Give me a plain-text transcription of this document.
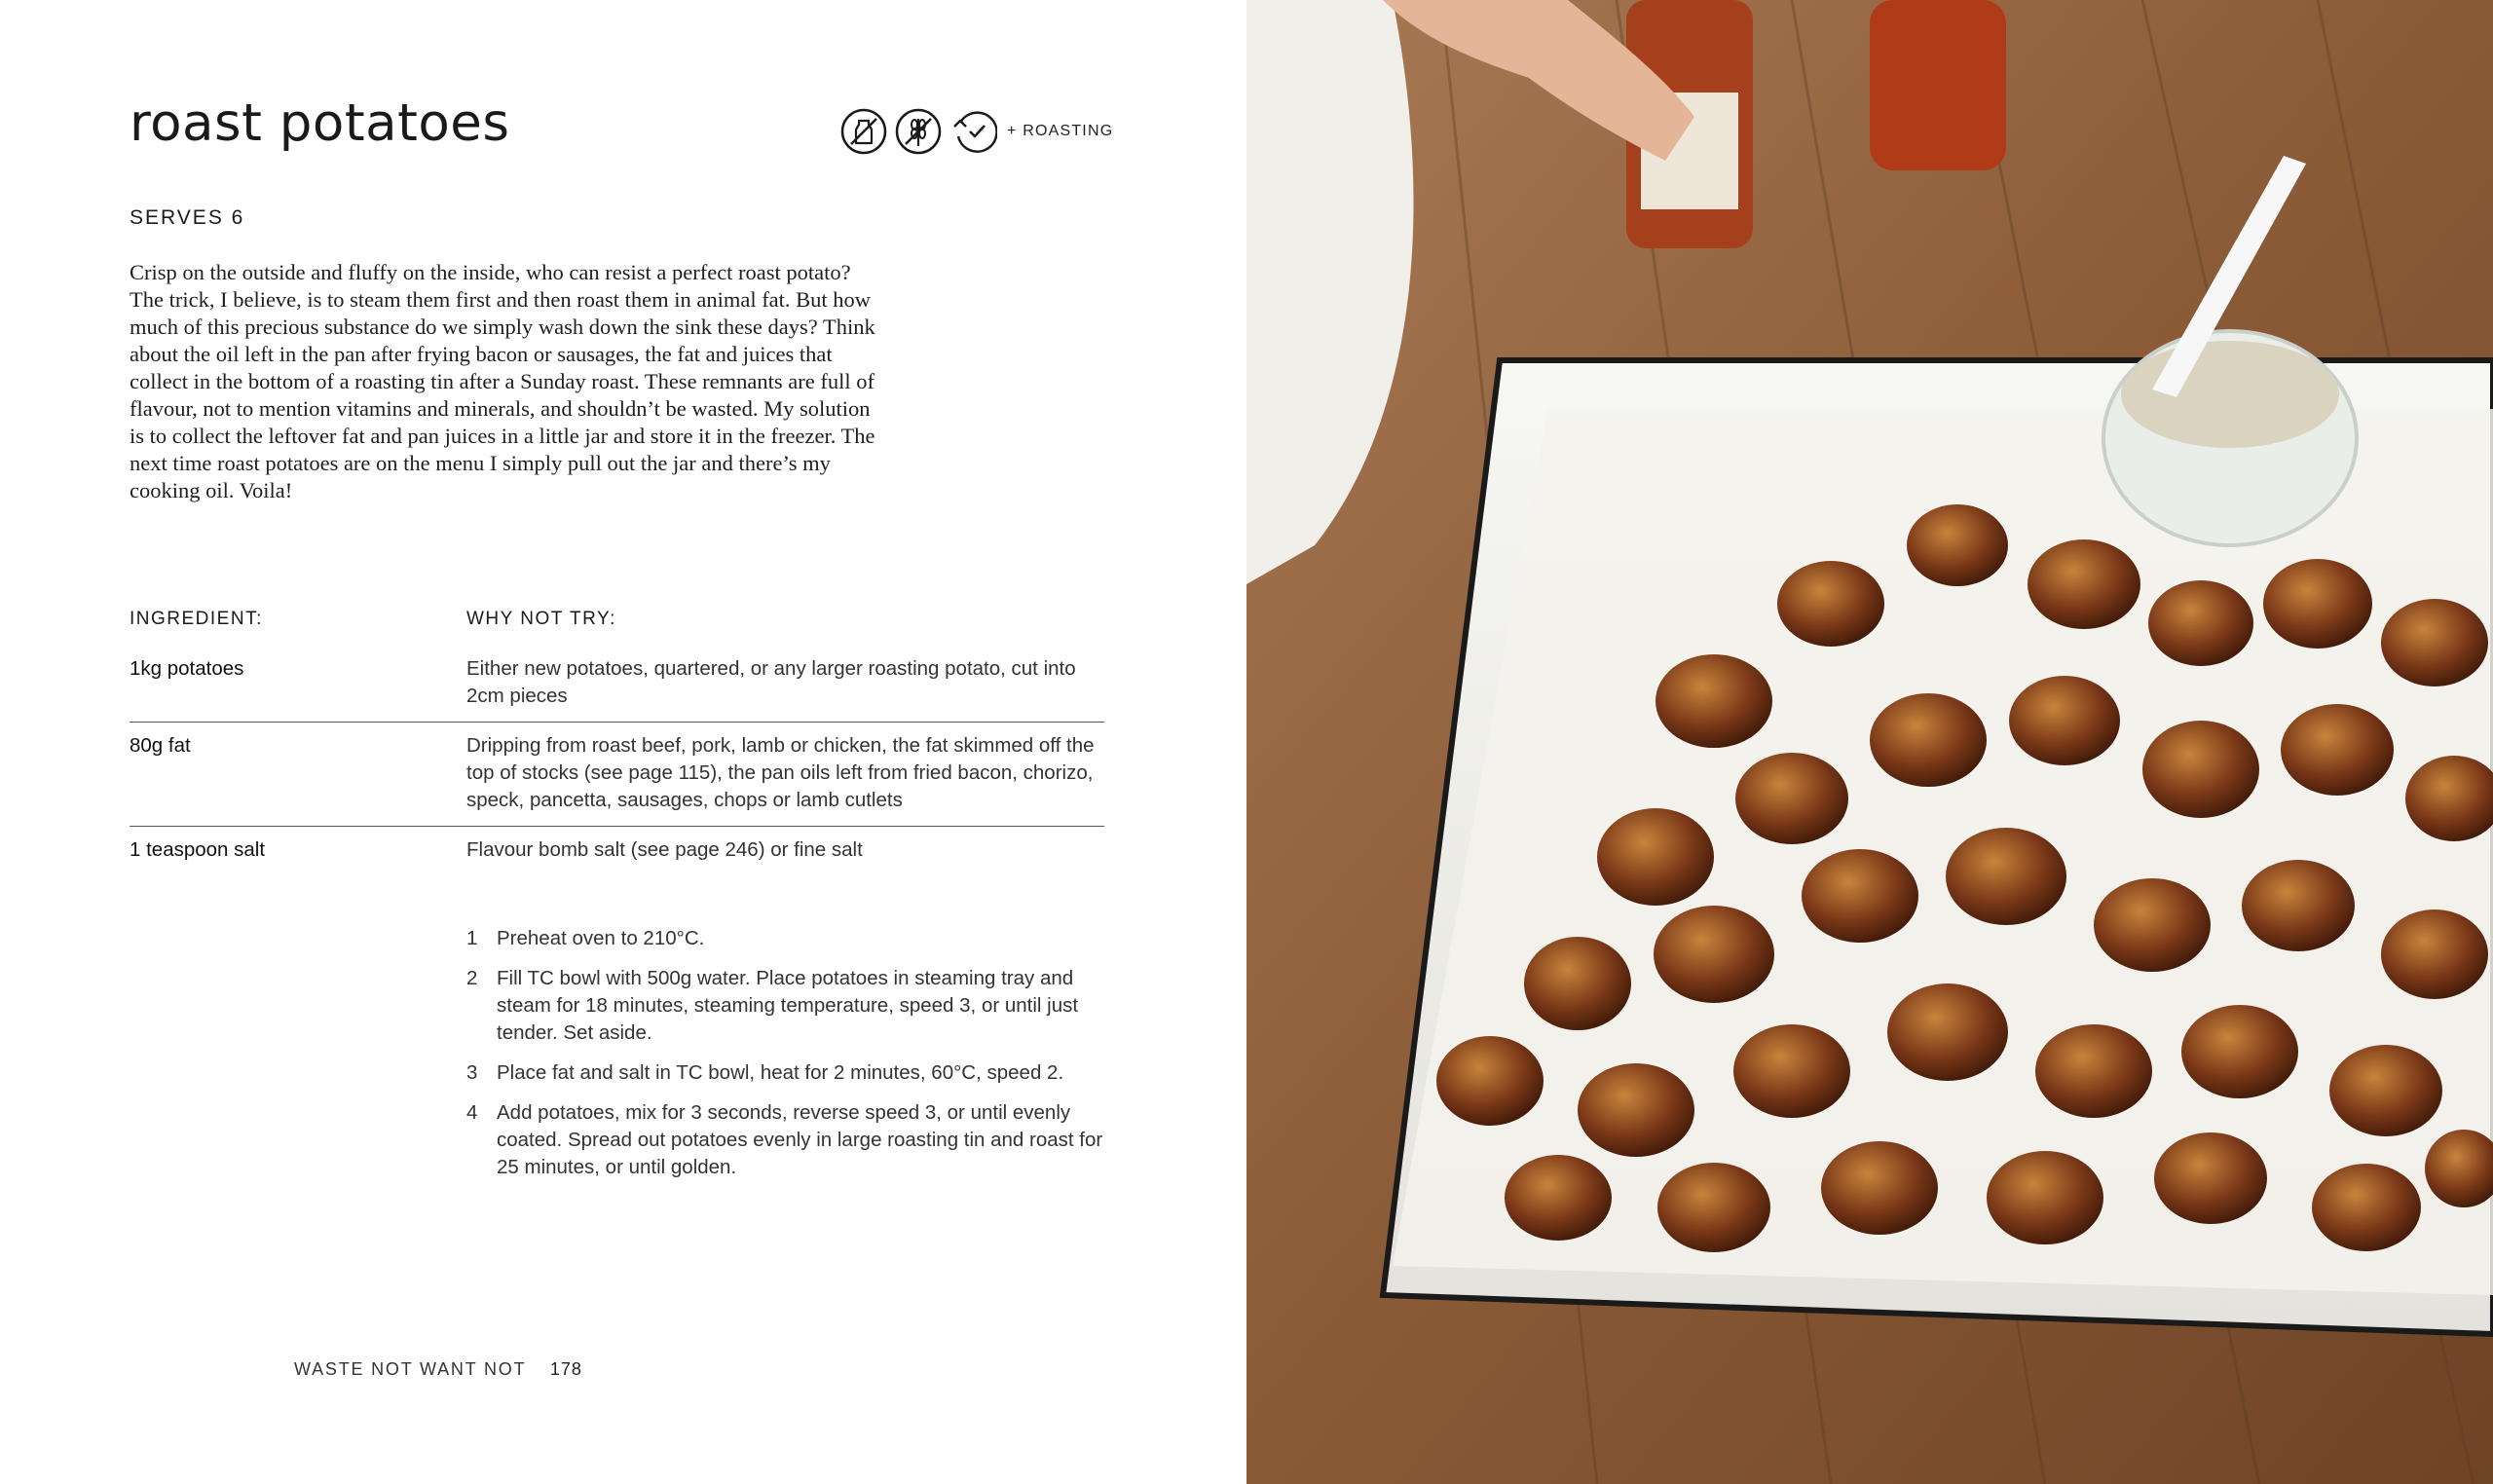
roast potatoes	+ ROASTING
SERVES 6

Crisp on the outside and fluffy on the inside, who can resist a perfect roast potato? The trick, I believe, is to steam them first and then roast them in animal fat. But how much of this precious substance do we simply wash down the sink these days? Think about the oil left in the pan after frying bacon or sausages, the fat and juices that collect in the bottom of a roasting tin after a Sunday roast. These remnants are full of flavour, not to mention vitamins and minerals, and shouldn’t be wasted. My solution is to collect the leftover fat and pan juices in a little jar and store it in the freezer. The next time roast potatoes are on the menu I simply pull out the jar and there’s my cooking oil. Voila!

INGREDIENT:	WHY NOT TRY:
1kg potatoes	Either new potatoes, quartered, or any larger roasting potato, cut into 2cm pieces
80g fat	Dripping from roast beef, pork, lamb or chicken, the fat skimmed off the top of stocks (see page 115), the pan oils left from fried bacon, chorizo, speck, pancetta, sausages, chops or lamb cutlets
1 teaspoon salt	Flavour bomb salt (see page 246) or fine salt
1 Preheat oven to 210°C.
2 Fill TC bowl with 500g water. Place potatoes in steaming tray and steam for 18 minutes, steaming temperature, speed 3, or until just tender. Set aside.
3 Place fat and salt in TC bowl, heat for 2 minutes, 60°C, speed 2.
4 Add potatoes, mix for 3 seconds, reverse speed 3, or until evenly coated. Spread out potatoes evenly in large roasting tin and roast for 25 minutes, or until golden.
WASTE NOT WANT NOT 178
